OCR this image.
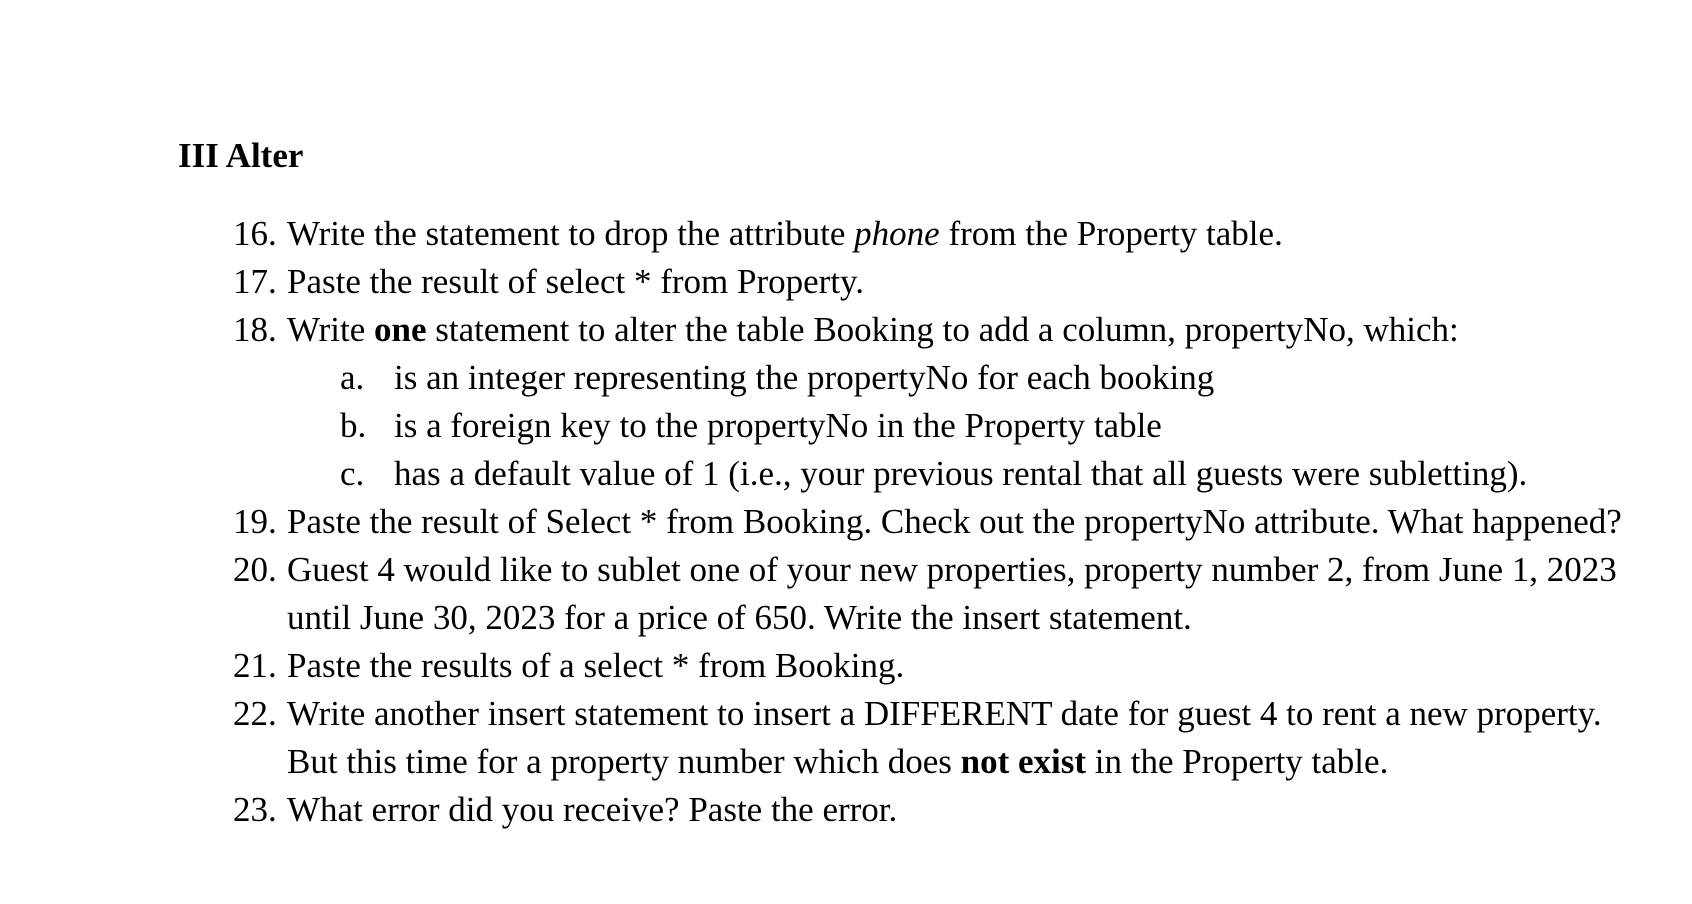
III Alter
16. Write the statement to drop the attribute phone from the Property table.
17. Paste the result of select * from Property.
18. Write one statement to alter the table Booking to add a column, propertyNo, which:
a. is an integer representing the propertyNo for each booking
b. is a foreign key to the propertyNo in the Property table
c. has a default value of 1 (i.e., your previous rental that all guests were subletting).
19. Paste the result of Select * from Booking. Check out the propertyNo attribute. What happened?
20. Guest 4 would like to sublet one of your new properties, property number 2, from June 1, 2023 until June 30, 2023 for a price of 650. Write the insert statement.
21. Paste the results of a select * from Booking.
22. Write another insert statement to insert a DIFFERENT date for guest 4 to rent a new property. But this time for a property number which does not exist in the Property table.
23. What error did you receive? Paste the error.
